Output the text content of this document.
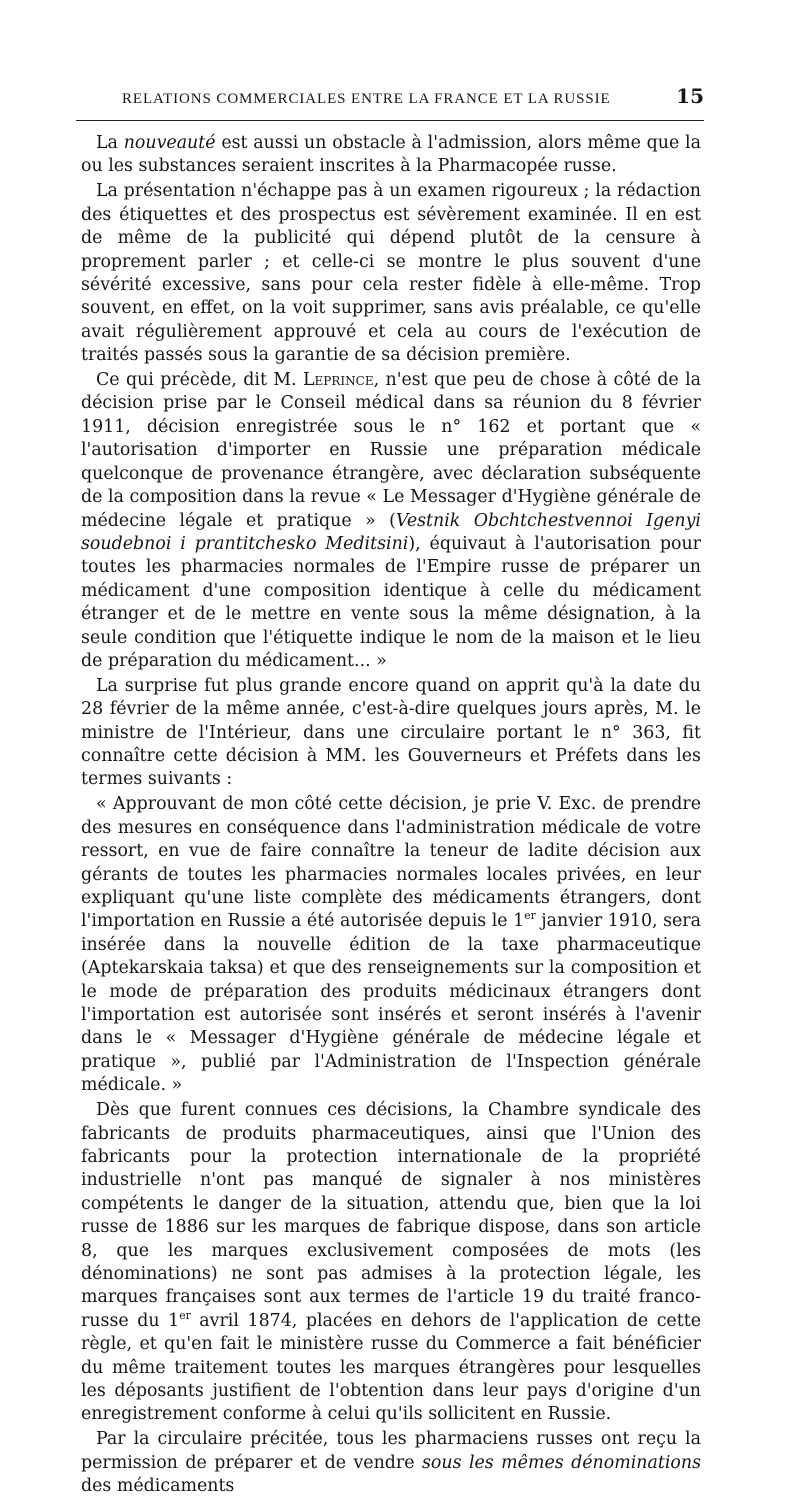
RELATIONS COMMERCIALES ENTRE LA FRANCE ET LA RUSSIE	15

La nouveauté est aussi un obstacle à l'admission, alors même que la ou les substances seraient inscrites à la Pharmacopée russe.

La présentation n'échappe pas à un examen rigoureux ; la rédaction des étiquettes et des prospectus est sévèrement examinée. Il en est de même de la publicité qui dépend plutôt de la censure à proprement parler ; et celle-ci se montre le plus souvent d'une sévérité excessive, sans pour cela rester fidèle à elle-même. Trop souvent, en effet, on la voit supprimer, sans avis préalable, ce qu'elle avait régulièrement approuvé et cela au cours de l'exécution de traités passés sous la garantie de sa décision première.

Ce qui précède, dit M. Leprince, n'est que peu de chose à côté de la décision prise par le Conseil médical dans sa réunion du 8 février 1911, décision enregistrée sous le n° 162 et portant que « l'autorisation d'importer en Russie une préparation médicale quelconque de provenance étrangère, avec déclaration subséquente de la composition dans la revue « Le Messager d'Hygiène générale de médecine légale et pratique » (Vestnik Obchtchestvennoi Igenyi soudebnoi i prantitchesko Meditsini), équivaut à l'autorisation pour toutes les pharmacies normales de l'Empire russe de préparer un médicament d'une composition identique à celle du médicament étranger et de le mettre en vente sous la même désignation, à la seule condition que l'étiquette indique le nom de la maison et le lieu de préparation du médicament... »

La surprise fut plus grande encore quand on apprit qu'à la date du 28 février de la même année, c'est-à-dire quelques jours après, M. le ministre de l'Intérieur, dans une circulaire portant le n° 363, fit connaître cette décision à MM. les Gouverneurs et Préfets dans les termes suivants :

« Approuvant de mon côté cette décision, je prie V. Exc. de prendre des mesures en conséquence dans l'administration médicale de votre ressort, en vue de faire connaître la teneur de ladite décision aux gérants de toutes les pharmacies normales locales privées, en leur expliquant qu'une liste complète des médicaments étrangers, dont l'importation en Russie a été autorisée depuis le 1er janvier 1910, sera insérée dans la nouvelle édition de la taxe pharmaceutique (Aptekarskaia taksa) et que des renseignements sur la composition et le mode de préparation des produits médicinaux étrangers dont l'importation est autorisée sont insérés et seront insérés à l'avenir dans le « Messager d'Hygiène générale de médecine légale et pratique », publié par l'Administration de l'Inspection générale médicale. »

Dès que furent connues ces décisions, la Chambre syndicale des fabricants de produits pharmaceutiques, ainsi que l'Union des fabricants pour la protection internationale de la propriété industrielle n'ont pas manqué de signaler à nos ministères compétents le danger de la situation, attendu que, bien que la loi russe de 1886 sur les marques de fabrique dispose, dans son article 8, que les marques exclusivement composées de mots (les dénominations) ne sont pas admises à la protection légale, les marques françaises sont aux termes de l'article 19 du traité franco-russe du 1er avril 1874, placées en dehors de l'application de cette règle, et qu'en fait le ministère russe du Commerce a fait bénéficier du même traitement toutes les marques étrangères pour lesquelles les déposants justifient de l'obtention dans leur pays d'origine d'un enregistrement conforme à celui qu'ils sollicitent en Russie.

Par la circulaire précitée, tous les pharmaciens russes ont reçu la permission de préparer et de vendre sous les mêmes dénominations des médicaments
